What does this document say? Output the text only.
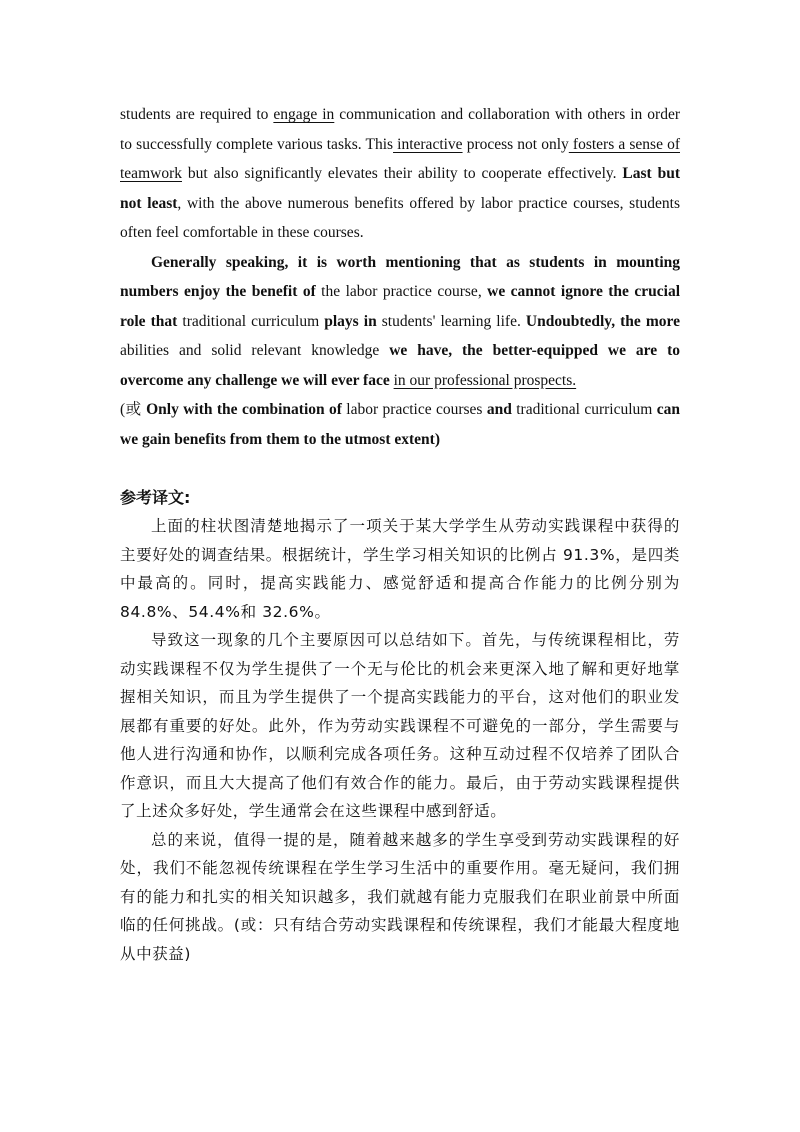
students are required to engage in communication and collaboration with others in order to successfully complete various tasks. This interactive process not only fosters a sense of teamwork but also significantly elevates their ability to cooperate effectively. Last but not least, with the above numerous benefits offered by labor practice courses, students often feel comfortable in these courses.

Generally speaking, it is worth mentioning that as students in mounting numbers enjoy the benefit of the labor practice course, we cannot ignore the crucial role that traditional curriculum plays in students' learning life. Undoubtedly, the more abilities and solid relevant knowledge we have, the better-equipped we are to overcome any challenge we will ever face in our professional prospects.

(或 Only with the combination of labor practice courses and traditional curriculum can we gain benefits from them to the utmost extent)

参考译文:

上面的柱状图清楚地揭示了一项关于某大学学生从劳动实践课程中获得的主要好处的调查结果。根据统计，学生学习相关知识的比例占 91.3%，是四类中最高的。同时，提高实践能力、感觉舒适和提高合作能力的比例分别为 84.8%、54.4%和 32.6%。

导致这一现象的几个主要原因可以总结如下。首先，与传统课程相比，劳动实践课程不仅为学生提供了一个无与伦比的机会来更深入地了解和更好地掌握相关知识，而且为学生提供了一个提高实践能力的平台，这对他们的职业发展都有重要的好处。此外，作为劳动实践课程不可避免的一部分，学生需要与他人进行沟通和协作，以顺利完成各项任务。这种互动过程不仅培养了团队合作意识，而且大大提高了他们有效合作的能力。最后，由于劳动实践课程提供了上述众多好处，学生通常会在这些课程中感到舒适。

总的来说，值得一提的是，随着越来越多的学生享受到劳动实践课程的好处，我们不能忽视传统课程在学生学习生活中的重要作用。毫无疑问，我们拥有的能力和扎实的相关知识越多，我们就越有能力克服我们在职业前景中所面临的任何挑战。(或：只有结合劳动实践课程和传统课程，我们才能最大程度地从中获益)
